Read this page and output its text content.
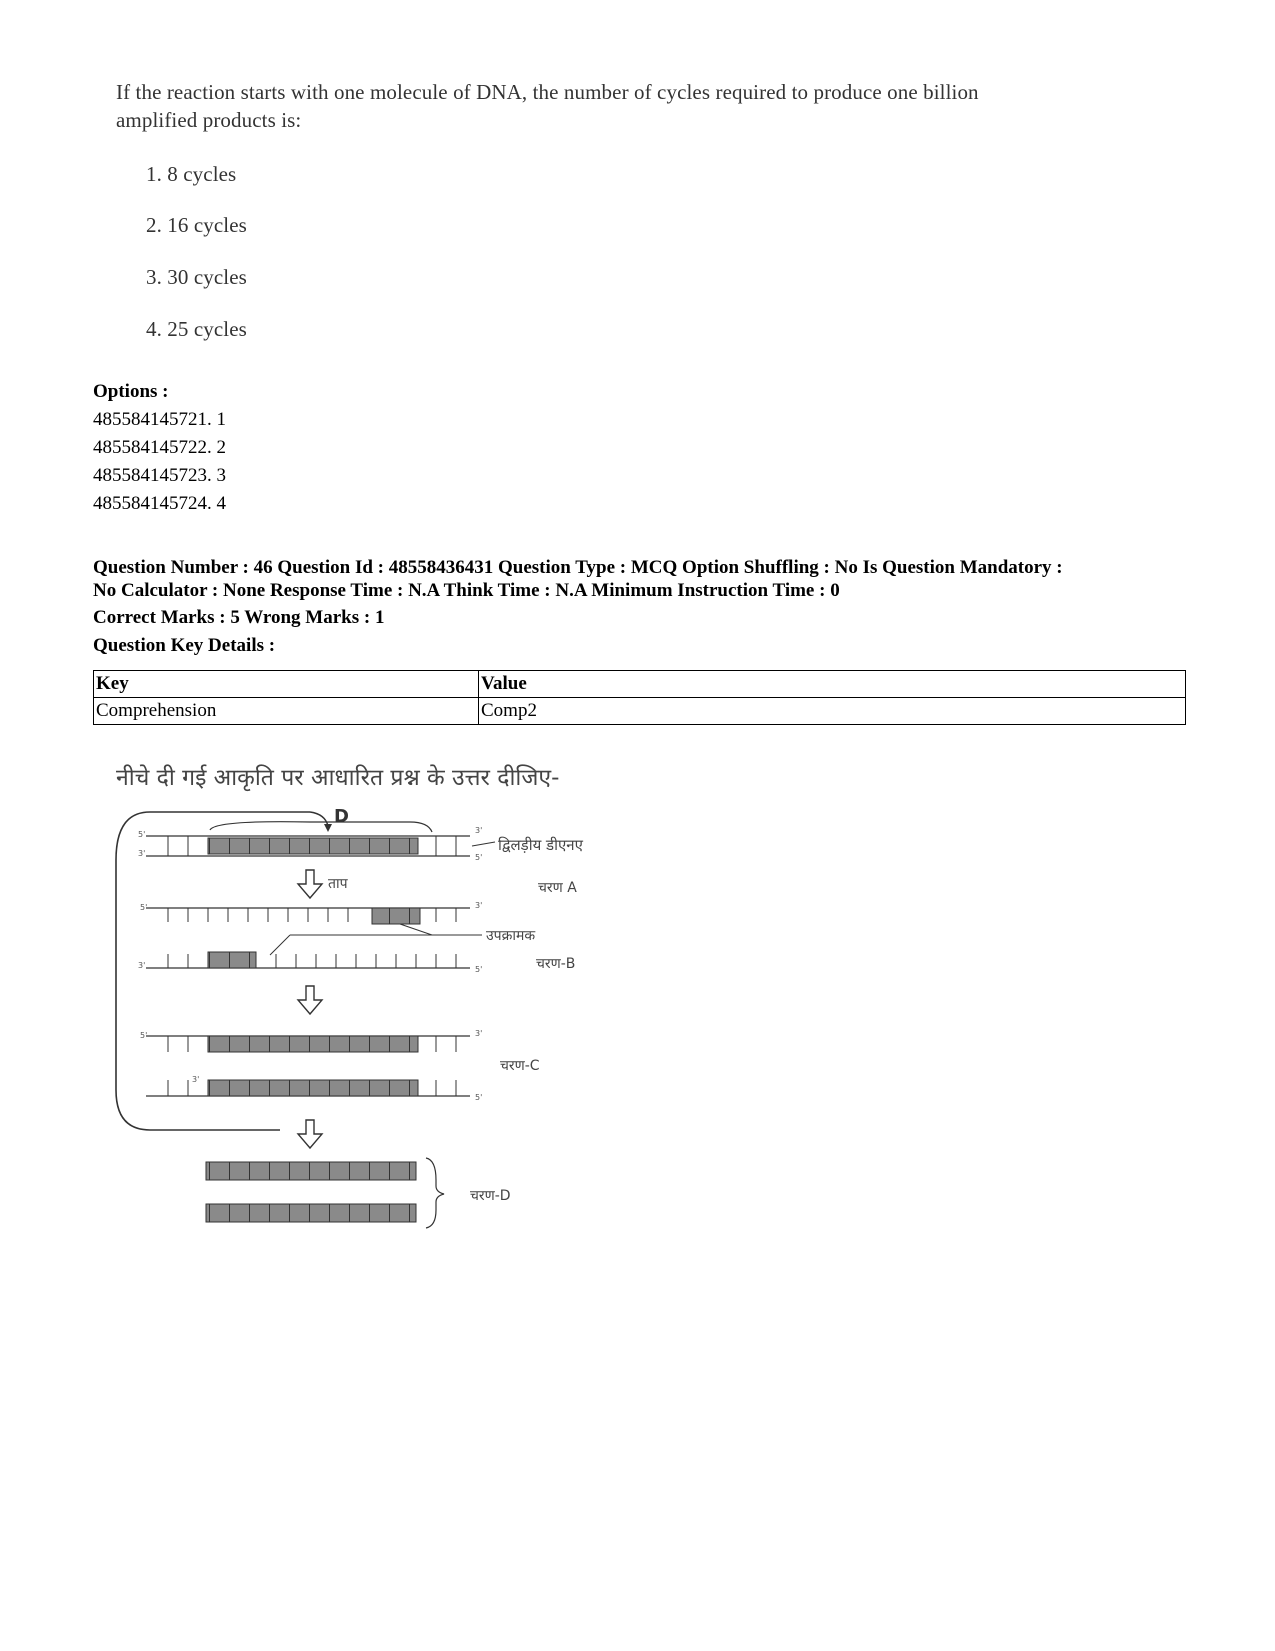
If the reaction starts with one molecule of DNA, the number of cycles required to produce one billion
amplified products is:
1. 8 cycles
2. 16 cycles
3. 30 cycles
4. 25 cycles
Options :
485584145721. 1
485584145722. 2
485584145723. 3
485584145724. 4
Question Number : 46 Question Id : 48558436431 Question Type : MCQ Option Shuffling : No Is Question Mandatory :
No Calculator : None Response Time : N.A Think Time : N.A Minimum Instruction Time : 0
Correct Marks : 5 Wrong Marks : 1
Question Key Details :
Key	Value
Comprehension	Comp2
नीचे दी गई आकृति पर आधारित प्रश्न के उत्तर दीजिए-
D
5'
3'
3'
5'
द्विलड़ीय डीएनए
ताप	चरण A
5'	3'
उपक्रामक
3'	5'	चरण-B
5'	3'
3'
5'
चरण-C
चरण-D
